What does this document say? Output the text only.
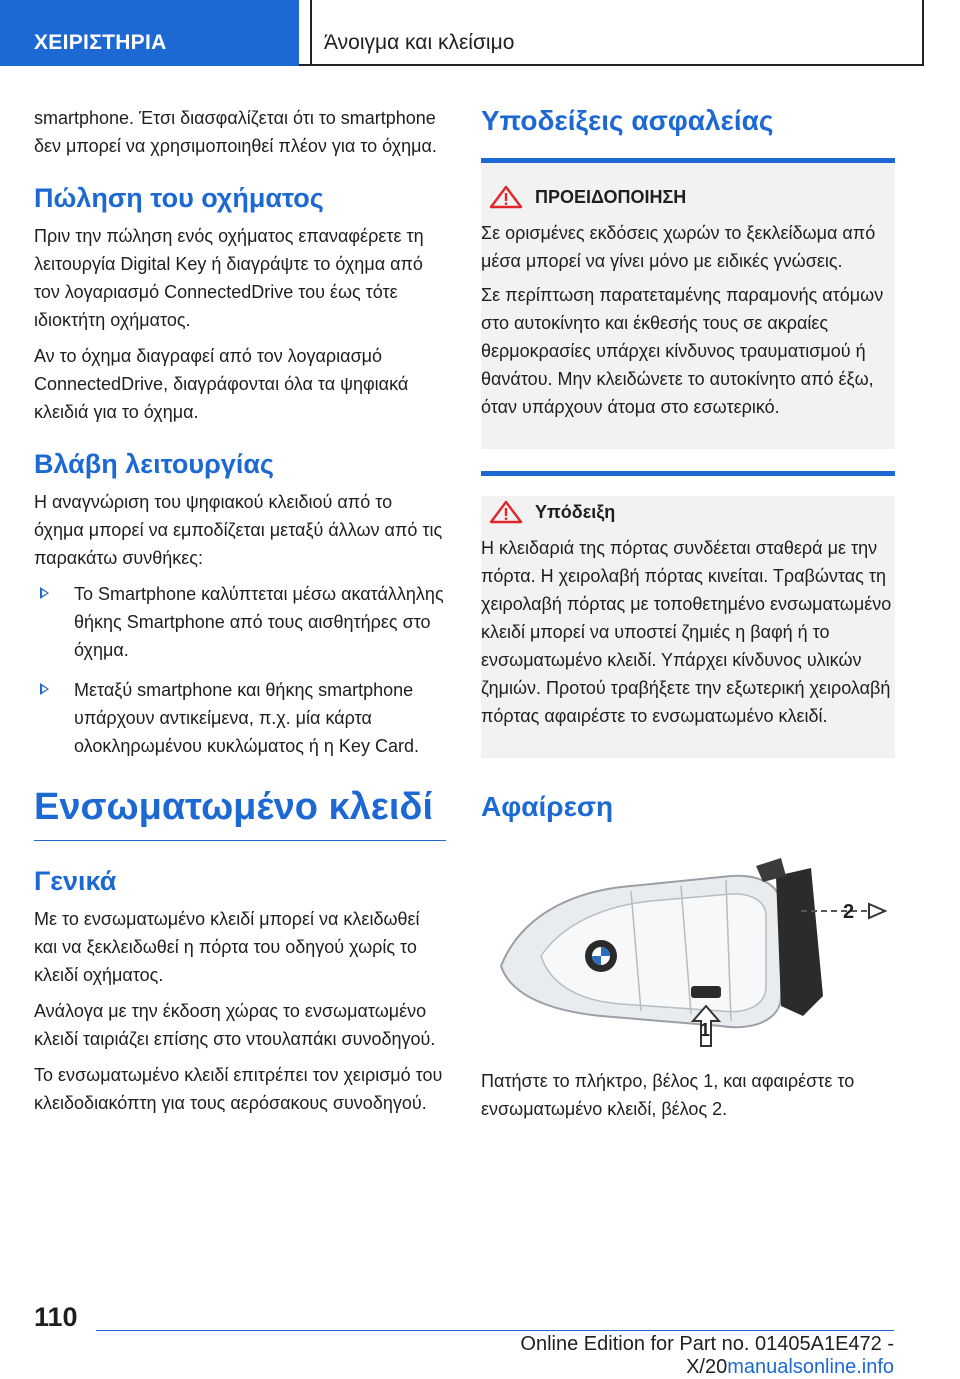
ΧΕΙΡΙΣΤΗΡΙΑ	Άνοιγμα και κλείσιμο

smartphone. Έτσι διασφαλίζεται ότι το smartphone δεν μπορεί να χρησιμοποιηθεί πλέον για το όχημα.

Πώληση του οχήματος

Πριν την πώληση ενός οχήματος επαναφέρετε τη λειτουργία Digital Key ή διαγράψτε το όχημα από τον λογαριασμό ConnectedDrive του έως τότε ιδιοκτήτη οχήματος.

Αν το όχημα διαγραφεί από τον λογαριασμό ConnectedDrive, διαγράφονται όλα τα ψηφιακά κλειδιά για το όχημα.

Βλάβη λειτουργίας

Η αναγνώριση του ψηφιακού κλειδιού από το όχημα μπορεί να εμποδίζεται μεταξύ άλλων από τις παρακάτω συνθήκες:

Το Smartphone καλύπτεται μέσω ακατάλληλης θήκης Smartphone από τους αισθητήρες στο όχημα.
Μεταξύ smartphone και θήκης smartphone υπάρχουν αντικείμενα, π.χ. μία κάρτα ολοκληρωμένου κυκλώματος ή η Key Card.
Ενσωματωμένο κλειδί
Γενικά

Με το ενσωματωμένο κλειδί μπορεί να κλειδωθεί και να ξεκλειδωθεί η πόρτα του οδηγού χωρίς το κλειδί οχήματος.

Ανάλογα με την έκδοση χώρας το ενσωματωμένο κλειδί ταιριάζει επίσης στο ντουλαπάκι συνοδηγού.

Το ενσωματωμένο κλειδί επιτρέπει τον χειρισμό του κλειδοδιακόπτη για τους αερόσακους συνοδηγού.

Υποδείξεις ασφαλείας
ΠΡΟΕΙΔΟΠΟΙΗΣΗ

Σε ορισμένες εκδόσεις χωρών το ξεκλείδωμα από μέσα μπορεί να γίνει μόνο με ειδικές γνώσεις.

Σε περίπτωση παρατεταμένης παραμονής ατόμων στο αυτοκίνητο και έκθεσής τους σε ακραίες θερμοκρασίες υπάρχει κίνδυνος τραυματισμού ή θανάτου. Μην κλειδώνετε το αυτοκίνητο από έξω, όταν υπάρχουν άτομα στο εσωτερικό.

Υπόδειξη

Η κλειδαριά της πόρτας συνδέεται σταθερά με την πόρτα. Η χειρολαβή πόρτας κινείται. Τραβώντας τη χειρολαβή πόρτας με τοποθετημένο ενσωματωμένο κλειδί μπορεί να υποστεί ζημιές η βαφή ή το ενσωματωμένο κλειδί. Υπάρχει κίνδυνος υλικών ζημιών. Προτού τραβήξετε την εξωτερική χειρολαβή πόρτας αφαιρέστε το ενσωματωμένο κλειδί.

Αφαίρεση
2
1

Πατήστε το πλήκτρο, βέλος 1, και αφαιρέστε το ενσωματωμένο κλειδί, βέλος 2.

110
Online Edition for Part no. 01405A1E472 - X/20manualsonline.info
